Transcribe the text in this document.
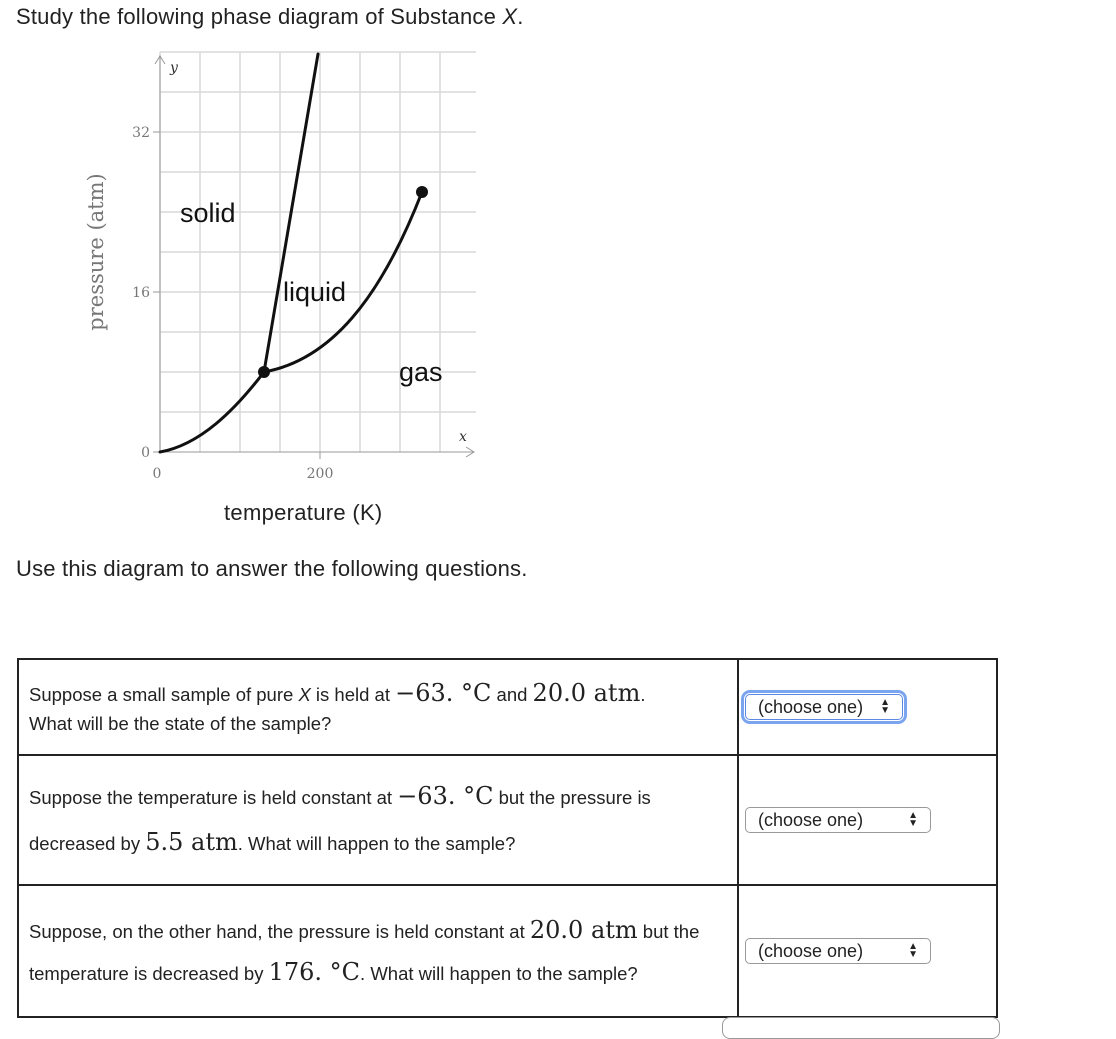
Study the following phase diagram of Substance X.
y
x
32
16
0
0	200
pressure (atm)	solid
liquid
gas
temperature (K)
Use this diagram to answer the following questions.
Suppose a small sample of pure X is held at −63. °C and 20.0 atm.
What will be the state of the sample?	(choose one) ▲
▼

Suppose the temperature is held constant at −63. °C but the pressure is decreased by 5.5 atm. What will happen to the sample?	(choose one) ▲
▼

Suppose, on the other hand, the pressure is held constant at 20.0 atm but the temperature is decreased by 176. °C. What will happen to the sample?	(choose one) ▲
▼
